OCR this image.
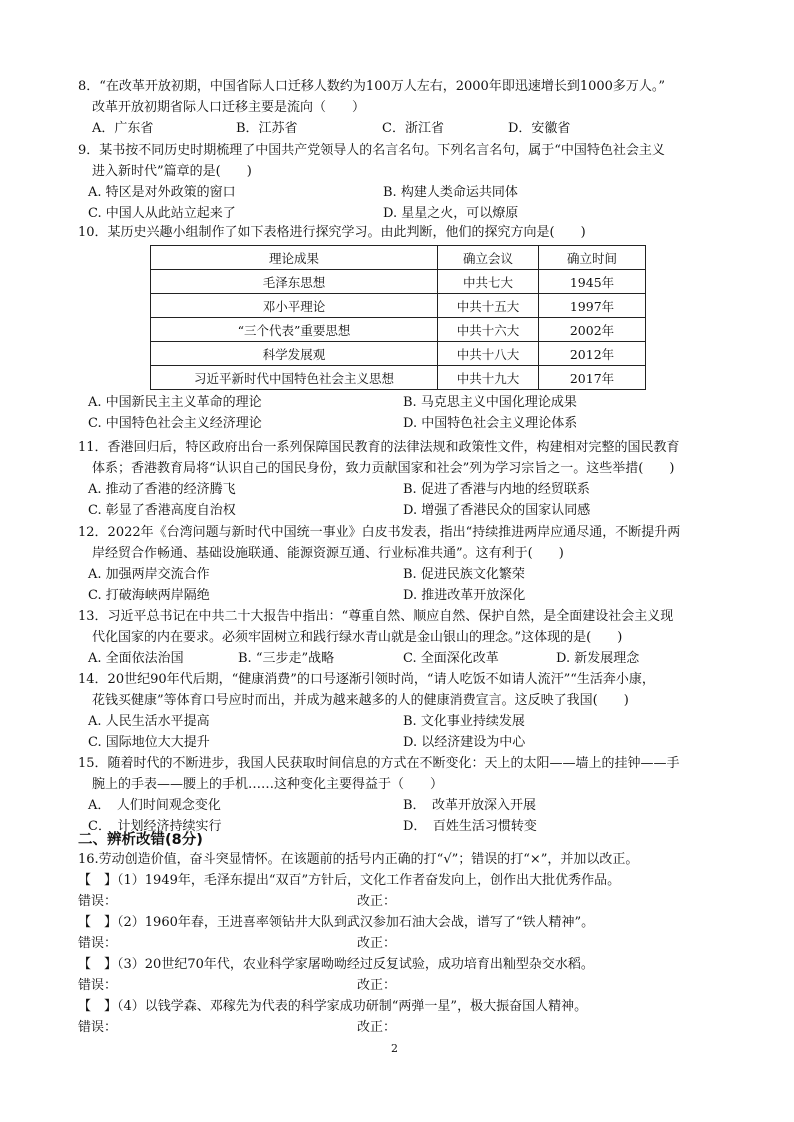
8．“在改革开放初期，中国省际人口迁移人数约为100万人左右，2000年即迅速增长到1000多万人。”

改革开放初期省际人口迁移主要是流向（　　）

A．广东省	B．江苏省	C．浙江省	D．安徽省

9．某书按不同历史时期梳理了中国共产党领导人的名言名句。下列名言名句，属于“中国特色社会主义

进入新时代”篇章的是(　　)

A. 特区是对外政策的窗口	B. 构建人类命运共同体
C. 中国人从此站立起来了	D. 星星之火，可以燎原

10．某历史兴趣小组制作了如下表格进行探究学习。由此判断，他们的探究方向是(　　)

理论成果	确立会议	确立时间
毛泽东思想	中共七大	1945年
邓小平理论	中共十五大	1997年
“三个代表”重要思想	中共十六大	2002年
科学发展观	中共十八大	2012年
习近平新时代中国特色社会主义思想	中共十九大	2017年
A. 中国新民主主义革命的理论	B. 马克思主义中国化理论成果
C. 中国特色社会主义经济理论	D. 中国特色社会主义理论体系

11．香港回归后，特区政府出台一系列保障国民教育的法律法规和政策性文件，构建相对完整的国民教育

体系；香港教育局将“认识自己的国民身份，致力贡献国家和社会”列为学习宗旨之一。这些举措(　　)

A. 推动了香港的经济腾飞	B. 促进了香港与内地的经贸联系
C. 彰显了香港高度自治权	D. 增强了香港民众的国家认同感

12．2022年《台湾问题与新时代中国统一事业》白皮书发表，指出“持续推进两岸应通尽通，不断提升两

岸经贸合作畅通、基础设施联通、能源资源互通、行业标准共通”。这有利于(　　)

A. 加强两岸交流合作	B. 促进民族文化繁荣
C. 打破海峡两岸隔绝	D. 推进改革开放深化

13．习近平总书记在中共二十大报告中指出：“尊重自然、顺应自然、保护自然，是全面建设社会主义现

代化国家的内在要求。必须牢固树立和践行绿水青山就是金山银山的理念。”这体现的是(　　)

A. 全面依法治国	B. “三步走”战略	C. 全面深化改革	D. 新发展理念

14．20世纪90年代后期，“健康消费”的口号逐渐引领时尚，“请人吃饭不如请人流汗”“生活奔小康，

花钱买健康”等体育口号应时而出，并成为越来越多的人的健康消费宣言。这反映了我国(　　)

A. 人民生活水平提高	B. 文化事业持续发展
C. 国际地位大大提升	D. 以经济建设为中心

15．随着时代的不断进步，我国人民获取时间信息的方式在不断变化：天上的太阳——墙上的挂钟——手

腕上的手表——腰上的手机……这种变化主要得益于（　　）

A．　人们时间观念变化	B．　改革开放深入开展
C．　计划经济持续实行	D．　百姓生活习惯转变
二、辨析改错(8分)
16.劳动创造价值，奋斗突显情怀。在该题前的括号内正确的打“√”；错误的打“×”，并加以改正。
【　】（1）1949年，毛泽东提出“双百”方针后，文化工作者奋发向上，创作出大批优秀作品。
错误：	改正：
【　】（2）1960年春，王进喜率领钻井大队到武汉参加石油大会战，谱写了“铁人精神”。
错误：	改正：
【　】（3）20世纪70年代，农业科学家屠呦呦经过反复试验，成功培育出籼型杂交水稻。
错误：	改正：
【　】（4）以钱学森、邓稼先为代表的科学家成功研制“两弹一星”，极大振奋国人精神。
错误：	改正：
2
